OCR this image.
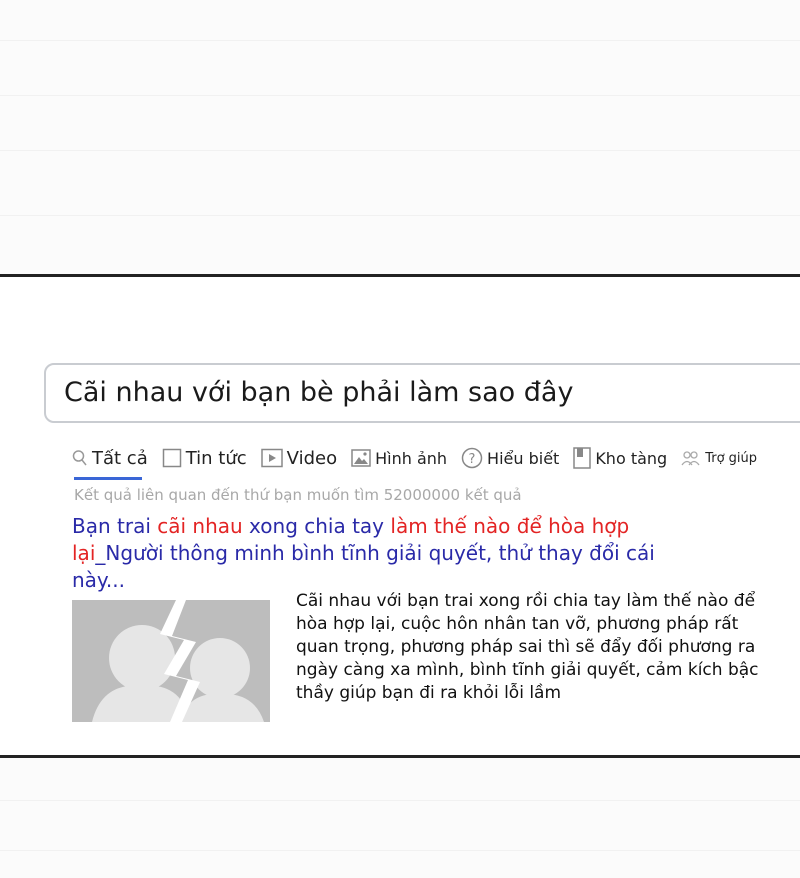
Cãi nhau với bạn bè phải làm sao đây
Tất cả Tin tức Video Hình ảnh ? Hiểu biết Kho tàng	Trợ giúp
Kết quả liên quan đến thứ bạn muốn tìm 52000000 kết quả
Bạn trai cãi nhau xong chia tay làm thế nào để hòa hợp lại_Người thông minh bình tĩnh giải quyết, thử thay đổi cái này...
Cãi nhau với bạn trai xong rồi chia tay làm thế nào để hòa hợp lại, cuộc hôn nhân tan vỡ, phương pháp rất quan trọng, phương pháp sai thì sẽ đẩy đối phương ra ngày càng xa mình, bình tĩnh giải quyết, cảm kích bậc thầy giúp bạn đi ra khỏi lỗi lầm
